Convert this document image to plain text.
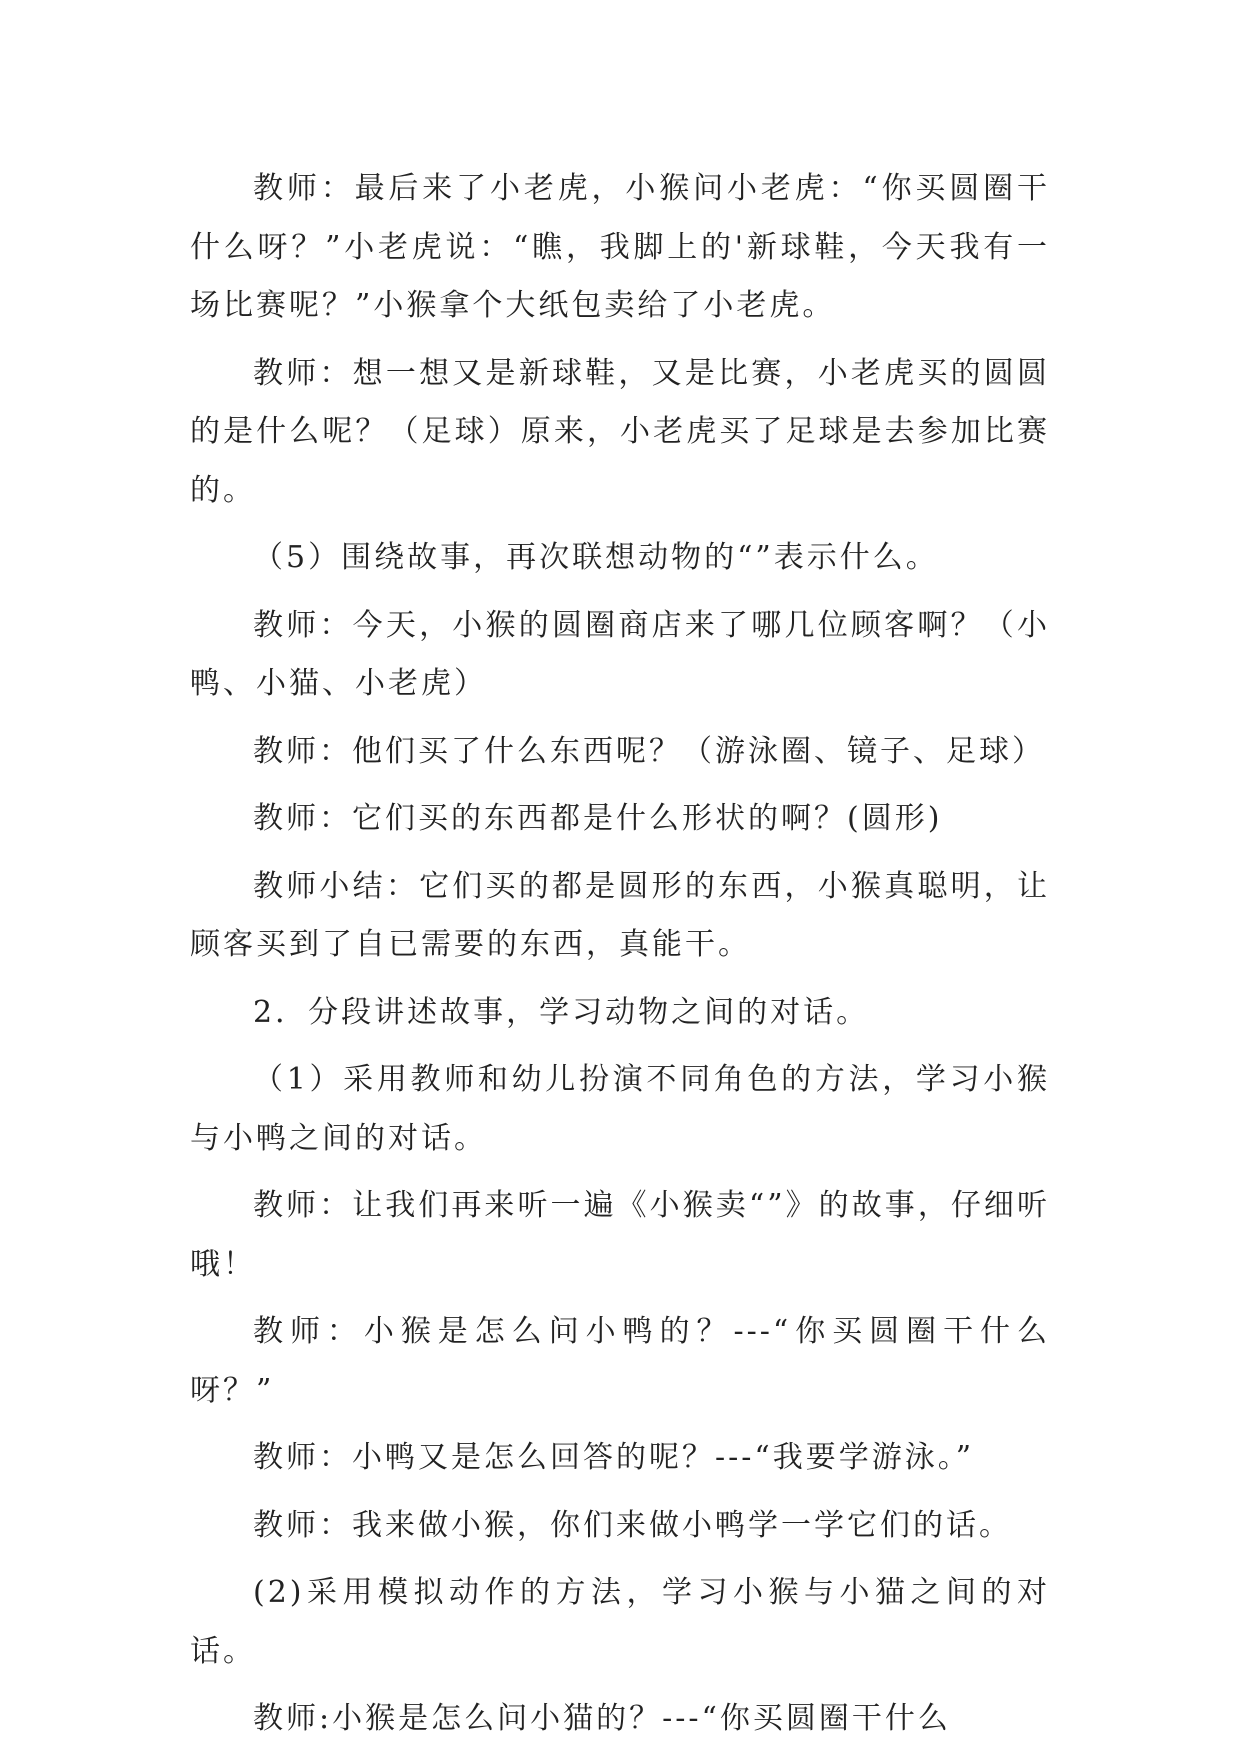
教师：最后来了小老虎，小猴问小老虎：“你买圆圈干什么呀？”小老虎说：“瞧，我脚上的'新球鞋，今天我有一场比赛呢？”小猴拿个大纸包卖给了小老虎。

教师：想一想又是新球鞋，又是比赛，小老虎买的圆圆的是什么呢？（足球）原来，小老虎买了足球是去参加比赛的。

（5）围绕故事，再次联想动物的“”表示什么。

教师：今天，小猴的圆圈商店来了哪几位顾客啊？（小鸭、小猫、小老虎）

教师：他们买了什么东西呢？（游泳圈、镜子、足球）

教师：它们买的东西都是什么形状的啊？(圆形)

教师小结：它们买的都是圆形的东西，小猴真聪明，让顾客买到了自已需要的东西，真能干。

2．分段讲述故事，学习动物之间的对话。

（1）采用教师和幼儿扮演不同角色的方法，学习小猴与小鸭之间的对话。

教师：让我们再来听一遍《小猴卖“”》的故事，仔细听哦！

教师：小猴是怎么问小鸭的？---“你买圆圈干什么呀？”

教师：小鸭又是怎么回答的呢？---“我要学游泳。”

教师：我来做小猴，你们来做小鸭学一学它们的话。

(2)采用模拟动作的方法，学习小猴与小猫之间的对话。

教师:小猴是怎么问小猫的？---“你买圆圈干什么
